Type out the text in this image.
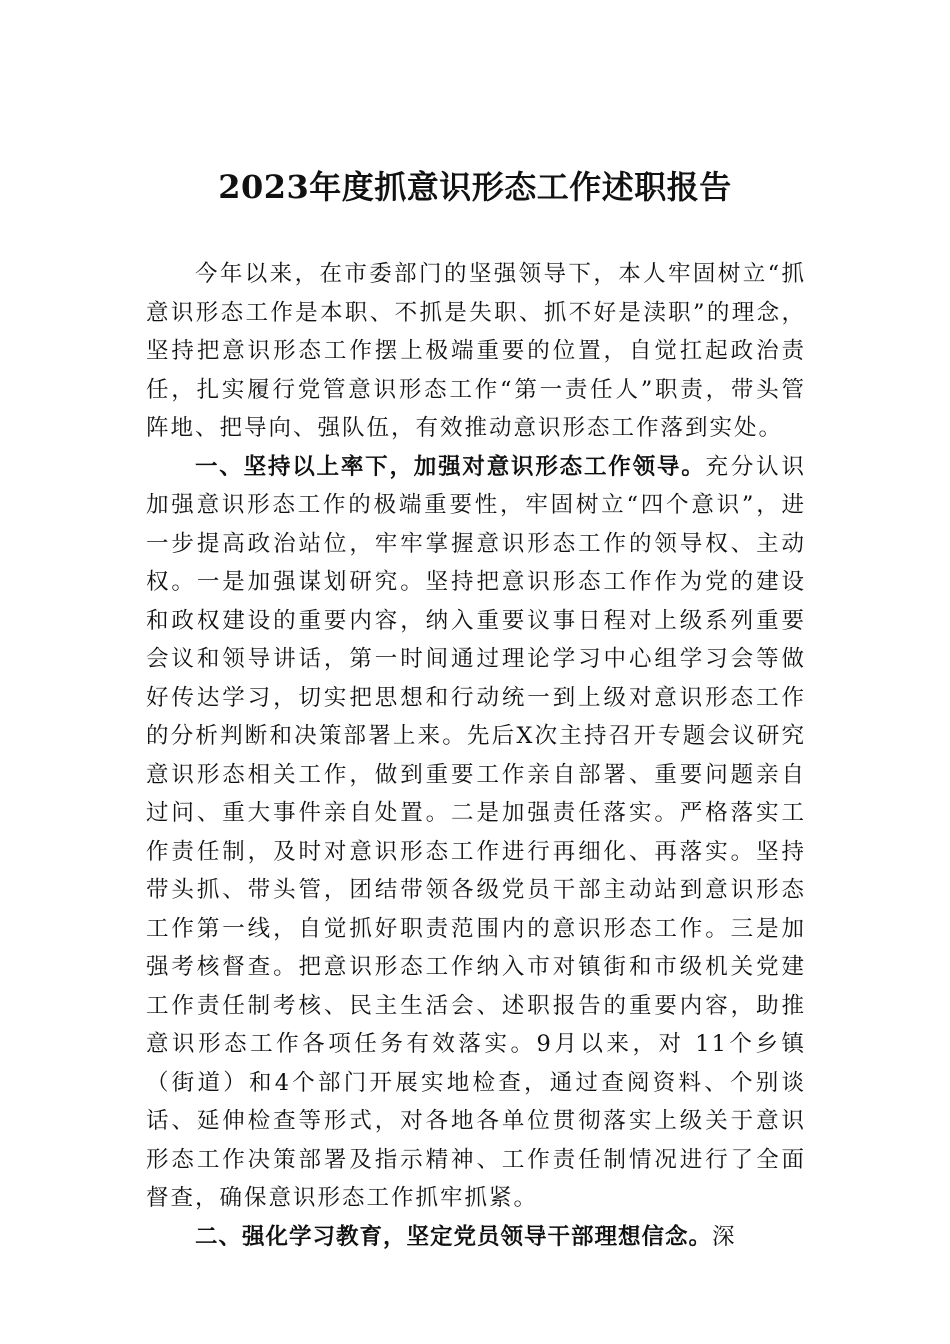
2023年度抓意识形态工作述职报告

今年以来，在市委部门的坚强领导下，本人牢固树立“抓意识形态工作是本职、不抓是失职、抓不好是渎职”的理念，坚持把意识形态工作摆上极端重要的位置，自觉扛起政治责任，扎实履行党管意识形态工作“第一责任人”职责，带头管阵地、把导向、强队伍，有效推动意识形态工作落到实处。

一、坚持以上率下，加强对意识形态工作领导。充分认识加强意识形态工作的极端重要性，牢固树立“四个意识”，进一步提高政治站位，牢牢掌握意识形态工作的领导权、主动权。一是加强谋划研究。坚持把意识形态工作作为党的建设和政权建设的重要内容，纳入重要议事日程对上级系列重要会议和领导讲话，第一时间通过理论学习中心组学习会等做好传达学习，切实把思想和行动统一到上级对意识形态工作的分析判断和决策部署上来。先后X次主持召开专题会议研究意识形态相关工作，做到重要工作亲自部署、重要问题亲自过问、重大事件亲自处置。二是加强责任落实。严格落实工作责任制，及时对意识形态工作进行再细化、再落实。坚持带头抓、带头管，团结带领各级党员干部主动站到意识形态工作第一线，自觉抓好职责范围内的意识形态工作。三是加强考核督查。把意识形态工作纳入市对镇街和市级机关党建工作责任制考核、民主生活会、述职报告的重要内容，助推意识形态工作各项任务有效落实。9月以来，对 11个乡镇（街道）和4个部门开展实地检查，通过查阅资料、个别谈话、延伸检查等形式，对各地各单位贯彻落实上级关于意识形态工作决策部署及指示精神、工作责任制情况进行了全面督查，确保意识形态工作抓牢抓紧。

二、强化学习教育，坚定党员领导干部理想信念。深
